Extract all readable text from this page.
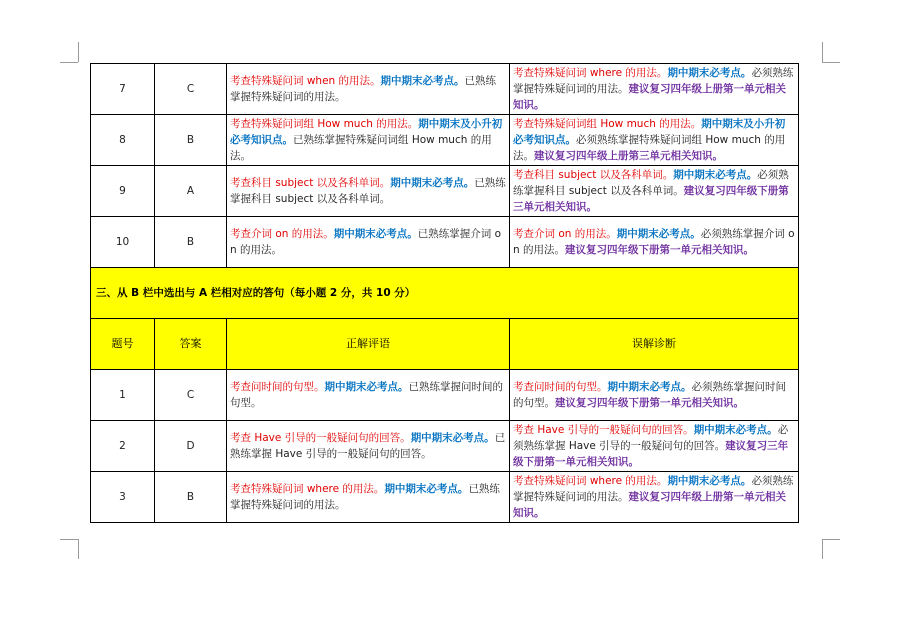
7	C	考查特殊疑问词 when 的用法。期中期末必考点。已熟练掌握特殊疑问词的用法。	考查特殊疑问词 where 的用法。期中期末必考点。必须熟练掌握特殊疑问词的用法。建议复习四年级上册第一单元相关知识。
8	B	考查特殊疑问词组 How much 的用法。期中期末及小升初必考知识点。已熟练掌握特殊疑问词组 How much 的用法。	考查特殊疑问词组 How much 的用法。期中期末及小升初必考知识点。必须熟练掌握特殊疑问词组 How much 的用法。建议复习四年级上册第三单元相关知识。
9	A	考查科目 subject 以及各科单词。期中期末必考点。已熟练掌握科目 subject 以及各科单词。	考查科目 subject 以及各科单词。期中期末必考点。必须熟练掌握科目 subject 以及各科单词。建议复习四年级下册第三单元相关知识。
10	B	考查介词 on 的用法。期中期末必考点。已熟练掌握介词 on 的用法。	考查介词 on 的用法。期中期末必考点。必须熟练掌握介词 on 的用法。建议复习四年级下册第一单元相关知识。
三、从 B 栏中选出与 A 栏相对应的答句（每小题 2 分，共 10 分）			
题号	答案	正解评语	误解诊断
1	C	考查问时间的句型。期中期末必考点。已熟练掌握问时间的句型。	考查问时间的句型。期中期末必考点。必须熟练掌握问时间的句型。建议复习四年级下册第一单元相关知识。
2	D	考查 Have 引导的一般疑问句的回答。期中期末必考点。已熟练掌握 Have 引导的一般疑问句的回答。	考查 Have 引导的一般疑问句的回答。期中期末必考点。必须熟练掌握 Have 引导的一般疑问句的回答。建议复习三年级下册第一单元相关知识。
3	B	考查特殊疑问词 where 的用法。期中期末必考点。已熟练掌握特殊疑问词的用法。	考查特殊疑问词 where 的用法。期中期末必考点。必须熟练掌握特殊疑问词的用法。建议复习四年级上册第一单元相关知识。
